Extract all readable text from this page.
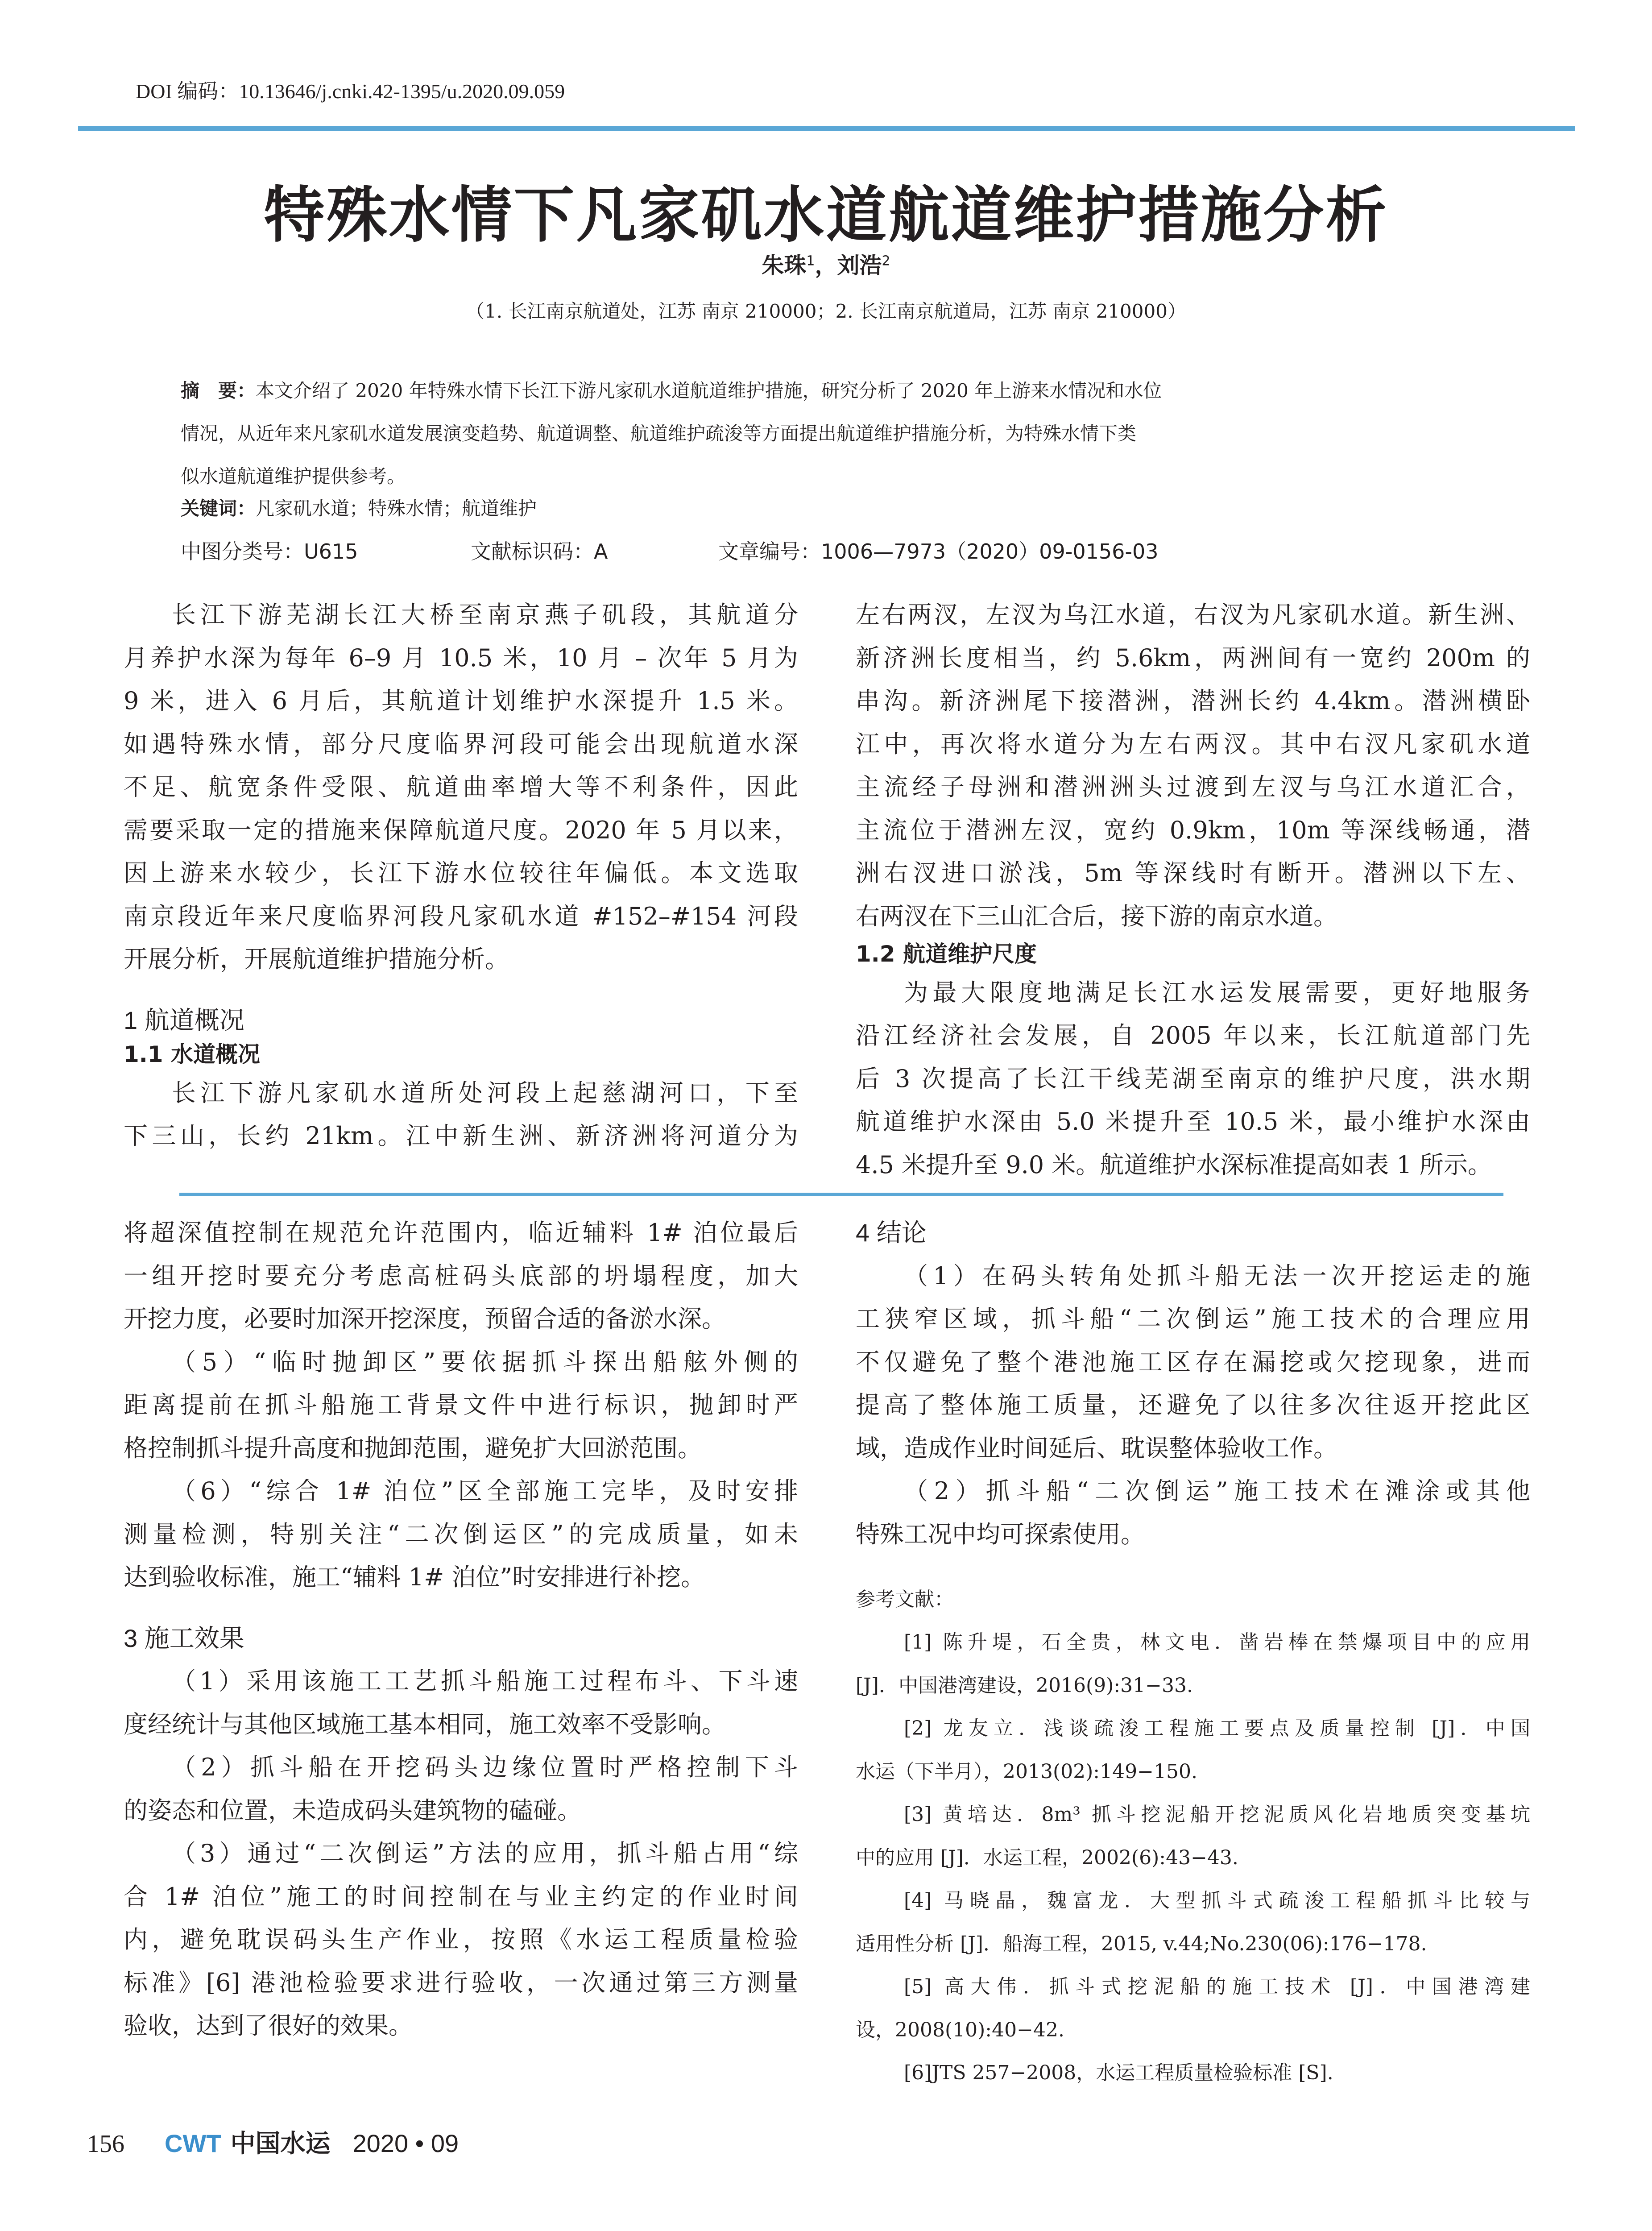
DOI 编码：10.13646/j.cnki.42-1395/u.2020.09.059
特殊水情下凡家矶水道航道维护措施分析
朱珠$^1$，刘浩$^2$
（1. 长江南京航道处，江苏 南京 210000；2. 长江南京航道局，江苏 南京 210000）
摘　要：本文介绍了 2020 年特殊水情下长江下游凡家矶水道航道维护措施，研究分析了 2020 年上游来水情况和水位
情况，从近年来凡家矶水道发展演变趋势、航道调整、航道维护疏浚等方面提出航道维护措施分析，为特殊水情下类
似水道航道维护提供参考。
关键词：凡家矶水道；特殊水情；航道维护
中图分类号：U615	文献标识码：A	文章编号：1006—7973（2020）09-0156-03
长江下游芜湖长江大桥至南京燕子矶段，其航道分
月养护水深为每年 6–9 月 10.5 米，10 月 – 次年 5 月为
9 米，进入 6 月后，其航道计划维护水深提升 1.5 米。
如遇特殊水情，部分尺度临界河段可能会出现航道水深
不足、航宽条件受限、航道曲率增大等不利条件，因此
需要采取一定的措施来保障航道尺度。2020 年 5 月以来，
因上游来水较少，长江下游水位较往年偏低。本文选取
南京段近年来尺度临界河段凡家矶水道 #152–#154 河段
开展分析，开展航道维护措施分析。
1 航道概况
1.1 水道概况
长江下游凡家矶水道所处河段上起慈湖河口，下至
下三山，长约 21km。江中新生洲、新济洲将河道分为
左右两汊，左汊为乌江水道，右汊为凡家矶水道。新生洲、
新济洲长度相当，约 5.6km，两洲间有一宽约 200m 的
串沟。新济洲尾下接潜洲，潜洲长约 4.4km。潜洲横卧
江中，再次将水道分为左右两汊。其中右汊凡家矶水道
主流经子母洲和潜洲洲头过渡到左汊与乌江水道汇合，
主流位于潜洲左汊，宽约 0.9km，10m 等深线畅通，潜
洲右汊进口淤浅，5m 等深线时有断开。潜洲以下左、
右两汊在下三山汇合后，接下游的南京水道。
1.2 航道维护尺度
为最大限度地满足长江水运发展需要，更好地服务
沿江经济社会发展，自 2005 年以来，长江航道部门先
后 3 次提高了长江干线芜湖至南京的维护尺度，洪水期
航道维护水深由 5.0 米提升至 10.5 米，最小维护水深由
4.5 米提升至 9.0 米。航道维护水深标准提高如表 1 所示。
将超深值控制在规范允许范围内，临近辅料 1# 泊位最后
一组开挖时要充分考虑高桩码头底部的坍塌程度，加大
开挖力度，必要时加深开挖深度，预留合适的备淤水深。
（5）“临时抛卸区”要依据抓斗探出船舷外侧的
距离提前在抓斗船施工背景文件中进行标识，抛卸时严
格控制抓斗提升高度和抛卸范围，避免扩大回淤范围。
（6）“综合 1# 泊位”区全部施工完毕，及时安排
测量检测，特别关注“二次倒运区”的完成质量，如未
达到验收标准，施工“辅料 1# 泊位”时安排进行补挖。
3 施工效果
（1）采用该施工工艺抓斗船施工过程布斗、下斗速
度经统计与其他区域施工基本相同，施工效率不受影响。
（2）抓斗船在开挖码头边缘位置时严格控制下斗
的姿态和位置，未造成码头建筑物的磕碰。
（3）通过“二次倒运”方法的应用，抓斗船占用“综
合 1# 泊位”施工的时间控制在与业主约定的作业时间
内，避免耽误码头生产作业，按照《水运工程质量检验
标准》[6] 港池检验要求进行验收，一次通过第三方测量
验收，达到了很好的效果。
4 结论
（1）在码头转角处抓斗船无法一次开挖运走的施
工狭窄区域，抓斗船“二次倒运”施工技术的合理应用
不仅避免了整个港池施工区存在漏挖或欠挖现象，进而
提高了整体施工质量，还避免了以往多次往返开挖此区
域，造成作业时间延后、耽误整体验收工作。
（2）抓斗船“二次倒运”施工技术在滩涂或其他
特殊工况中均可探索使用。
参考文献：
[1] 陈升堤，石全贵，林文电．凿岩棒在禁爆项目中的应用
[J]．中国港湾建设，2016(9):31−33.
[2] 龙友立．浅谈疏浚工程施工要点及质量控制 [J]．中国
水运（下半月），2013(02):149−150.
[3] 黄培达．8m³ 抓斗挖泥船开挖泥质风化岩地质突变基坑
中的应用 [J]．水运工程，2002(6):43−43.
[4] 马晓晶，魏富龙．大型抓斗式疏浚工程船抓斗比较与
适用性分析 [J]．船海工程，2015, v.44;No.230(06):176−178.
[5] 高大伟．抓斗式挖泥船的施工技术 [J]．中国港湾建
设，2008(10):40−42.
[6]JTS 257−2008，水运工程质量检验标准 [S].
156 CWT 中国水运 2020 • 09
